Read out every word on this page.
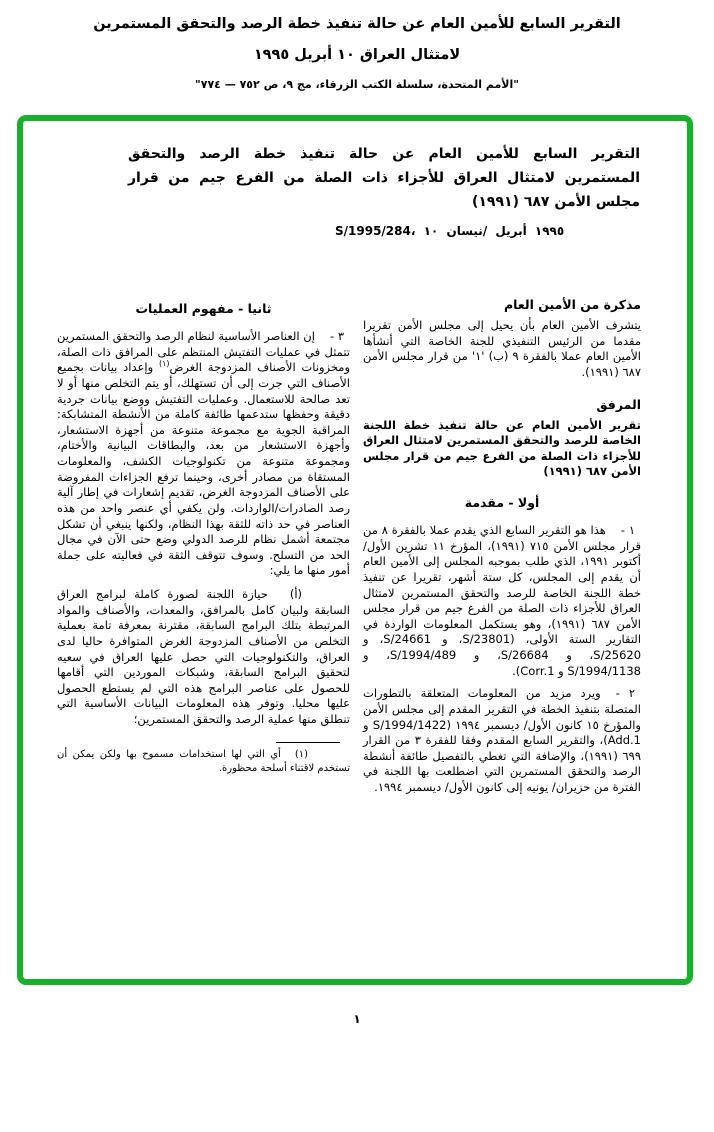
التقرير السابع للأمين العام عن حالة تنفيذ خطة الرصد والتحقق المستمرين
لامتثال العراق ١٠ أبريل ١٩٩٥
"الأمم المتحدة، سلسلة الكتب الزرقاء، مج ٩، ص ٧٥٢ — ٧٧٤"
التقرير السابع للأمين العام عن حالة تنفيذ خطة الرصد والتحقق
المستمرين لامتثال العراق للأجزاء ذات الصلة من الفرع جيم من قرار
مجلس الأمن ٦٨٧ (١٩٩١)
S/1995/284، ١٠ نيسان/ أبريل ١٩٩٥
مذكرة من الأمين العام

يتشرف الأمين العام بأن يحيل إلى مجلس الأمن تقريرا مقدما من الرئيس التنفيذي للجنة الخاصة التي أنشأها الأمين العام عملا بالفقرة ٩ (ب) '١' من قرار مجلس الأمن ٦٨٧ (١٩٩١).

المرفق

تقرير الأمين العام عن حالة تنفيذ خطة اللجنة الخاصة للرصد والتحقق المستمرين لامتثال العراق للأجزاء ذات الصلة من الفرع جيم من قرار مجلس الأمن ٦٨٧ (١٩٩١)

أولا - مقدمة

١ -هذا هو التقرير السابع الذي يقدم عملا بالفقرة ٨ من قرار مجلس الأمن ٧١٥ (١٩٩١)، المؤرخ ١١ تشرين الأول/ أكتوبر ١٩٩١، الذي طلب بموجبه المجلس إلى الأمين العام أن يقدم إلى المجلس، كل ستة أشهر، تقريرا عن تنفيذ خطة اللجنة الخاصة للرصد والتحقق المستمرين لامتثال العراق للأجزاء ذات الصلة من الفرع جيم من قرار مجلس الأمن ٦٨٧ (١٩٩١)، وهو يستكمل المعلومات الواردة في التقارير الستة الأولى، (S/23801، و S/24661، و S/25620، و S/26684، و S/1994/489، و S/1994/1138 و Corr.1).

٢ -ويرد مزيد من المعلومات المتعلقة بالتطورات المتصلة بتنفيذ الخطة في التقرير المقدم إلى مجلس الأمن والمؤرخ ١٥ كانون الأول/ ديسمبر ١٩٩٤ (S/1994/1422 و Add.1)، والتقرير السابع المقدم وفقا للفقرة ٣ من القرار ٦٩٩ (١٩٩١)، والإضافة التي تغطي بالتفصيل طائفة أنشطة الرصد والتحقق المستمرين التي اضطلعت بها اللجنة في الفترة من حزيران/ يونيه إلى كانون الأول/ ديسمبر ١٩٩٤.

ثانيا - مفهوم العمليات

٣ -إن العناصر الأساسية لنظام الرصد والتحقق المستمرين تتمثل في عمليات التفتيش المنتظم على المرافق ذات الصلة، ومخزونات الأصناف المزدوجة الغرض$^{(١)}$ وإعداد بيانات بجميع الأصناف التي جرت إلى أن تستهلك، أو يتم التخلص منها أو لا تعد صالحة للاستعمال. وعمليات التفتيش ووضع بيانات جردية دقيقة وحفظها ستدعمها طائفة كاملة من الأنشطة المتشابكة: المراقبة الجوية مع مجموعة متنوعة من أجهزة الاستشعار، وأجهزة الاستشعار من بعد، والبطاقات البيانية والأختام، ومجموعة متنوعة من تكنولوجيات الكشف، والمعلومات المستقاة من مصادر أخرى، وحينما ترفع الجزاءات المفروضة على الأصناف المزدوجة الغرض، تقديم إشعارات في إطار آلية رصد الصادرات/الواردات. ولن يكفي أي عنصر واحد من هذه العناصر في حد ذاته للثقة بهذا النظام، ولكنها ينبغي أن تشكل مجتمعة أشمل نظام للرصد الدولي وضع حتى الآن في مجال الحد من التسلح. وسوف تتوقف الثقة في فعاليته على جملة أمور منها ما يلي:

(أ)حيازة اللجنة لصورة كاملة لبرامج العراق السابقة ولبيان كامل بالمرافق، والمعدات، والأصناف والمواد المرتبطة بتلك البرامج السابقة، مقترنة بمعرفة تامة بعملية التخلص من الأصناف المزدوجة الغرض المتوافرة حاليا لدى العراق، والتكنولوجيات التي حصل عليها العراق في سعيه لتحقيق البرامج السابقة، وشبكات الموردين التي أقامها للحصول على عناصر البرامج هذه التي لم يستطع الحصول عليها محليا. وتوفر هذه المعلومات البيانات الأساسية التي تنطلق منها عملية الرصد والتحقق المستمرين؛

(١)أي التي لها استخدامات مسموح بها ولكن يمكن أن تستخدم لاقتناء أسلحة محظورة.

١
